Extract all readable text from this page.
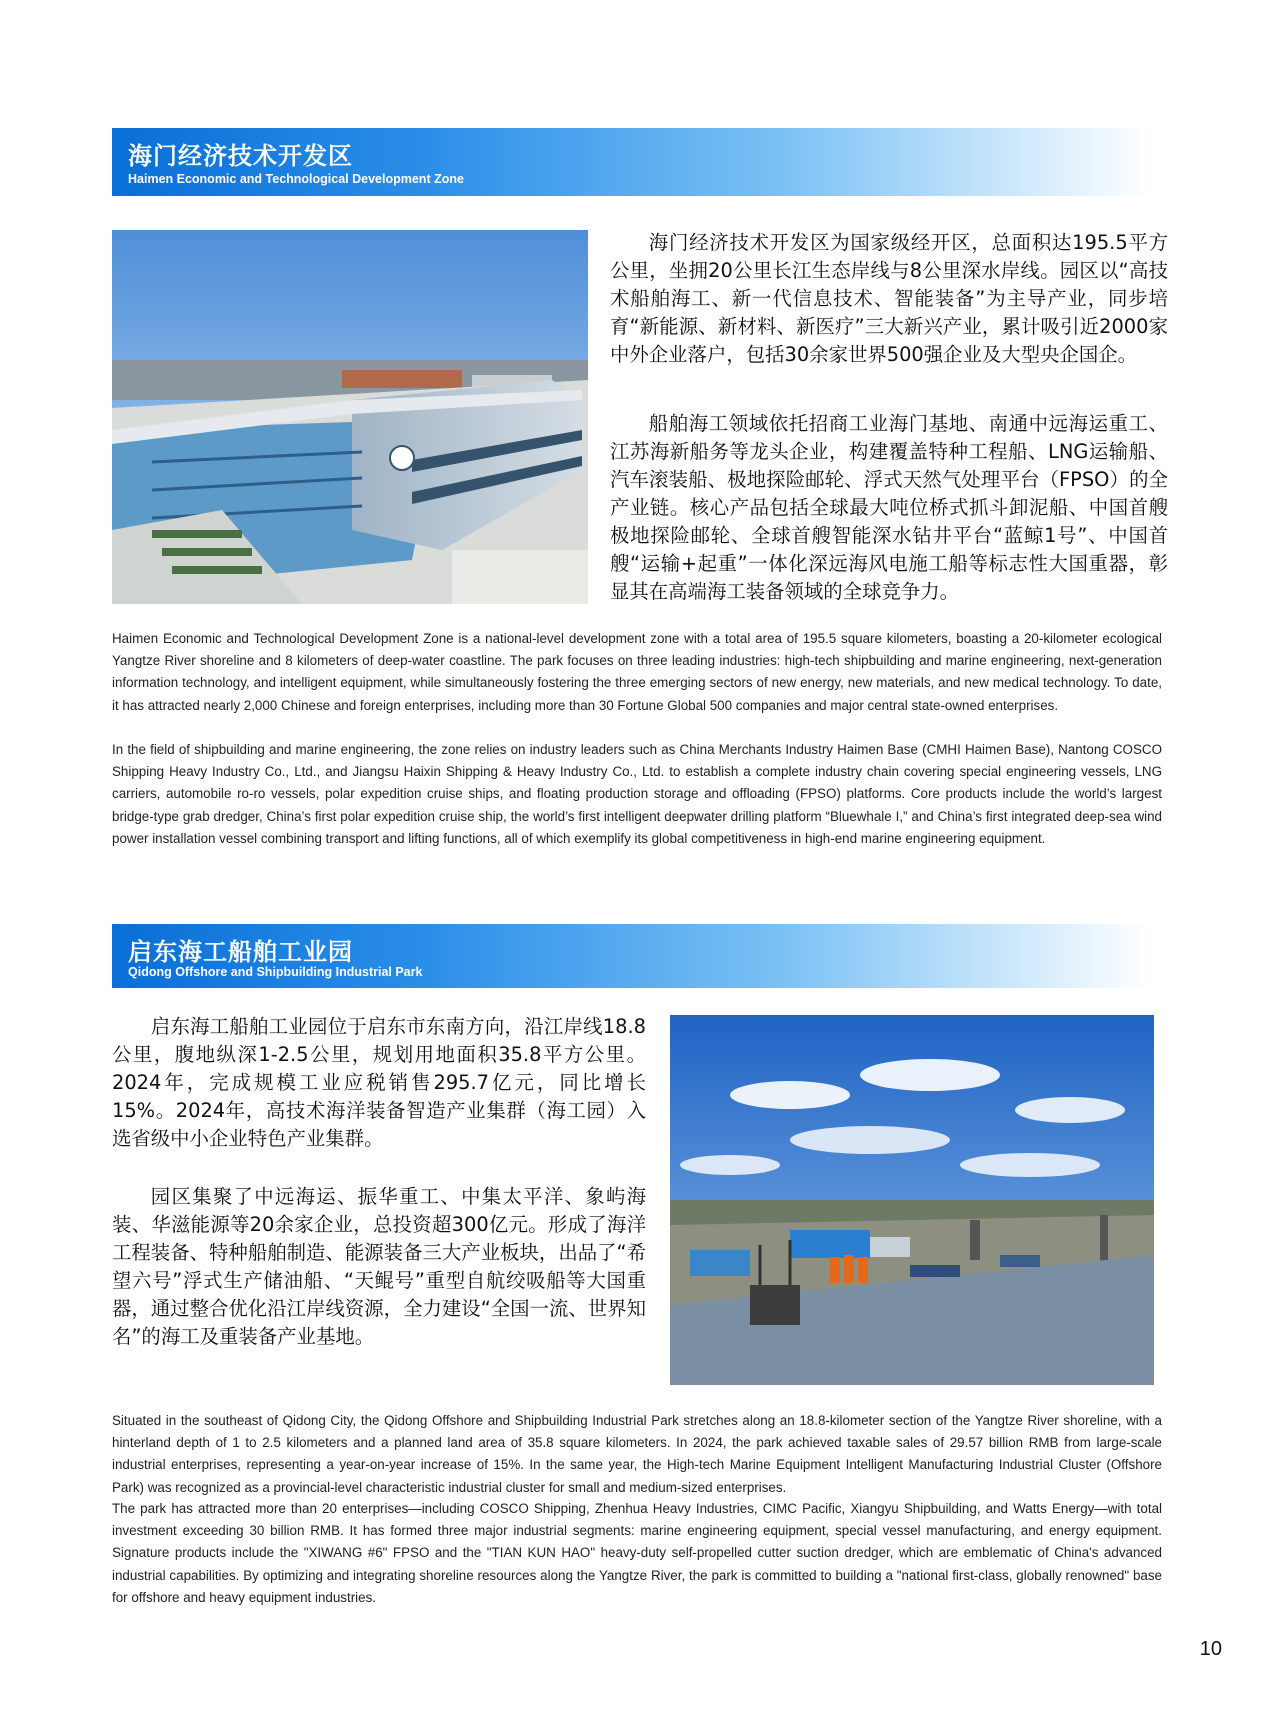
海门经济技术开发区
Haimen Economic and Technological Development Zone

海门经济技术开发区为国家级经开区，总面积达195.5平方公里，坐拥20公里长江生态岸线与8公里深水岸线。园区以“高技术船舶海工、新一代信息技术、智能装备”为主导产业，同步培育“新能源、新材料、新医疗”三大新兴产业，累计吸引近2000家中外企业落户，包括30余家世界500强企业及大型央企国企。

船舶海工领域依托招商工业海门基地、南通中远海运重工、江苏海新船务等龙头企业，构建覆盖特种工程船、LNG运输船、汽车滚装船、极地探险邮轮、浮式天然气处理平台（FPSO）的全产业链。核心产品包括全球最大吨位桥式抓斗卸泥船、中国首艘极地探险邮轮、全球首艘智能深水钻井平台“蓝鲸1号”、中国首艘“运输+起重”一体化深远海风电施工船等标志性大国重器，彰显其在高端海工装备领域的全球竞争力。

Haimen Economic and Technological Development Zone is a national-level development zone with a total area of 195.5 square kilometers, boasting a 20-kilometer ecological Yangtze River shoreline and 8 kilometers of deep-water coastline. The park focuses on three leading industries: high-tech shipbuilding and marine engineering, next-generation information technology, and intelligent equipment, while simultaneously fostering the three emerging sectors of new energy, new materials, and new medical technology. To date, it has attracted nearly 2,000 Chinese and foreign enterprises, including more than 30 Fortune Global 500 companies and major central state-owned enterprises.

In the field of shipbuilding and marine engineering, the zone relies on industry leaders such as China Merchants Industry Haimen Base (CMHI Haimen Base), Nantong COSCO Shipping Heavy Industry Co., Ltd., and Jiangsu Haixin Shipping & Heavy Industry Co., Ltd. to establish a complete industry chain covering special engineering vessels, LNG carriers, automobile ro-ro vessels, polar expedition cruise ships, and floating production storage and offloading (FPSO) platforms. Core products include the world’s largest bridge-type grab dredger, China’s first polar expedition cruise ship, the world’s first intelligent deepwater drilling platform “Bluewhale I,” and China’s first integrated deep-sea wind power installation vessel combining transport and lifting functions, all of which exemplify its global competitiveness in high-end marine engineering equipment.

启东海工船舶工业园
Qidong Offshore and Shipbuilding Industrial Park

启东海工船舶工业园位于启东市东南方向，沿江岸线18.8公里，腹地纵深1-2.5公里，规划用地面积35.8平方公里。2024年，完成规模工业应税销售295.7亿元，同比增长15%。2024年，高技术海洋装备智造产业集群（海工园）入选省级中小企业特色产业集群。

园区集聚了中远海运、振华重工、中集太平洋、象屿海装、华滋能源等20余家企业，总投资超300亿元。形成了海洋工程装备、特种船舶制造、能源装备三大产业板块，出品了“希望六号”浮式生产储油船、“天鲲号”重型自航绞吸船等大国重器，通过整合优化沿江岸线资源，全力建设“全国一流、世界知名”的海工及重装备产业基地。

Situated in the southeast of Qidong City, the Qidong Offshore and Shipbuilding Industrial Park stretches along an 18.8-kilometer section of the Yangtze River shoreline, with a hinterland depth of 1 to 2.5 kilometers and a planned land area of 35.8 square kilometers. In 2024, the park achieved taxable sales of 29.57 billion RMB from large-scale industrial enterprises, representing a year-on-year increase of 15%. In the same year, the High-tech Marine Equipment Intelligent Manufacturing Industrial Cluster (Offshore Park) was recognized as a provincial-level characteristic industrial cluster for small and medium-sized enterprises.

The park has attracted more than 20 enterprises—including COSCO Shipping, Zhenhua Heavy Industries, CIMC Pacific, Xiangyu Shipbuilding, and Watts Energy—with total investment exceeding 30 billion RMB. It has formed three major industrial segments: marine engineering equipment, special vessel manufacturing, and energy equipment. Signature products include the "XIWANG #6" FPSO and the "TIAN KUN HAO" heavy-duty self-propelled cutter suction dredger, which are emblematic of China's advanced industrial capabilities. By optimizing and integrating shoreline resources along the Yangtze River, the park is committed to building a "national first-class, globally renowned" base for offshore and heavy equipment industries.

10
